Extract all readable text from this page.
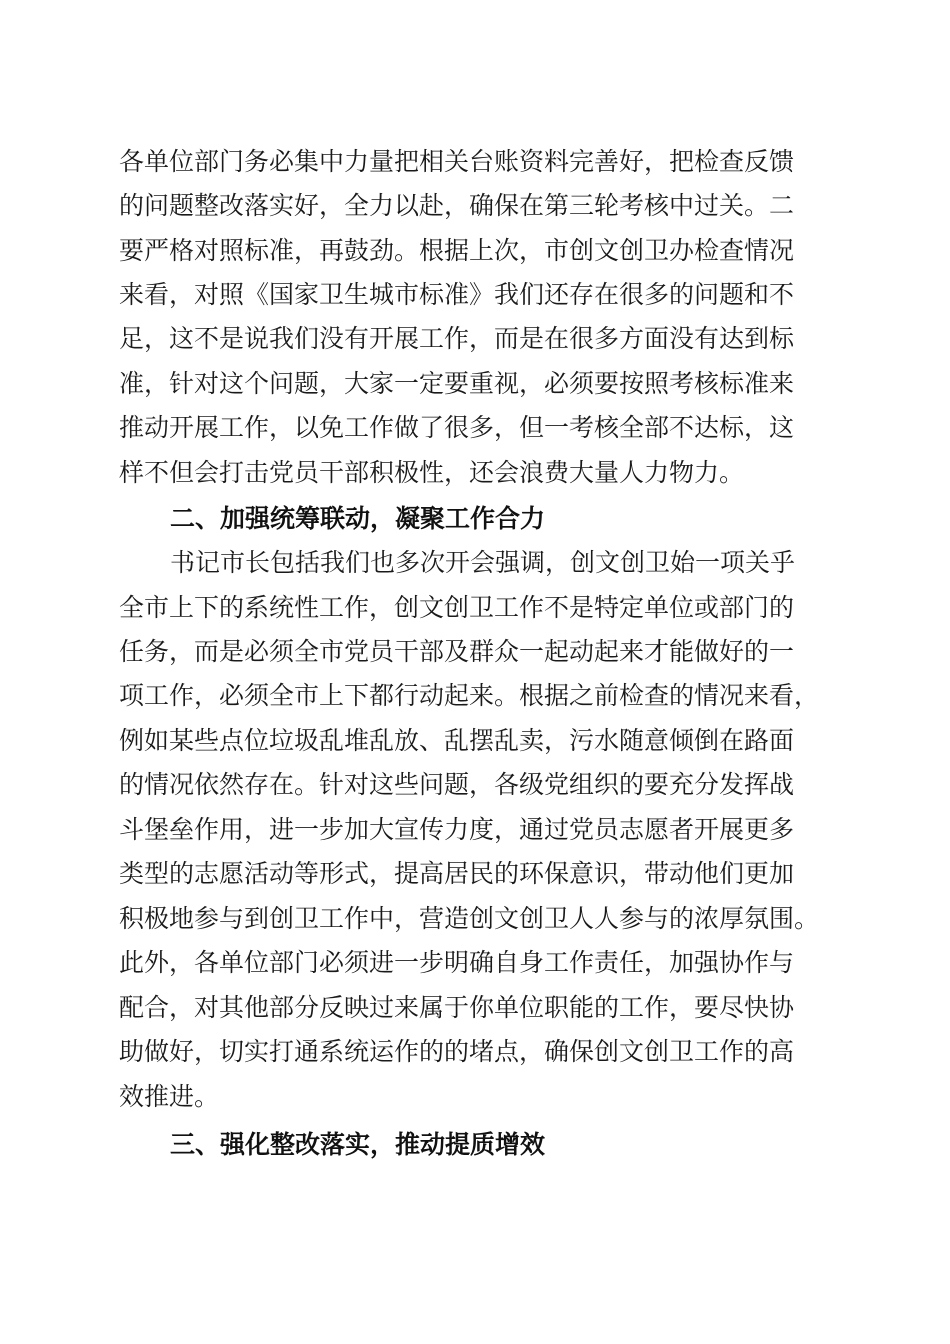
各单位部门务必集中力量把相关台账资料完善好，把检查反馈
的问题整改落实好，全力以赴，确保在第三轮考核中过关。二
要严格对照标准，再鼓劲。根据上次，市创文创卫办检查情况
来看，对照《国家卫生城市标准》我们还存在很多的问题和不
足，这不是说我们没有开展工作，而是在很多方面没有达到标
准，针对这个问题，大家一定要重视，必须要按照考核标准来
推动开展工作，以免工作做了很多，但一考核全部不达标，这
样不但会打击党员干部积极性，还会浪费大量人力物力。
二、加强统筹联动，凝聚工作合力
书记市长包括我们也多次开会强调，创文创卫始一项关乎
全市上下的系统性工作，创文创卫工作不是特定单位或部门的
任务，而是必须全市党员干部及群众一起动起来才能做好的一
项工作，必须全市上下都行动起来。根据之前检查的情况来看，
例如某些点位垃圾乱堆乱放、乱摆乱卖，污水随意倾倒在路面
的情况依然存在。针对这些问题，各级党组织的要充分发挥战
斗堡垒作用，进一步加大宣传力度，通过党员志愿者开展更多
类型的志愿活动等形式，提高居民的环保意识，带动他们更加
积极地参与到创卫工作中，营造创文创卫人人参与的浓厚氛围。
此外，各单位部门必须进一步明确自身工作责任，加强协作与
配合，对其他部分反映过来属于你单位职能的工作，要尽快协
助做好，切实打通系统运作的的堵点，确保创文创卫工作的高
效推进。
三、强化整改落实，推动提质增效
